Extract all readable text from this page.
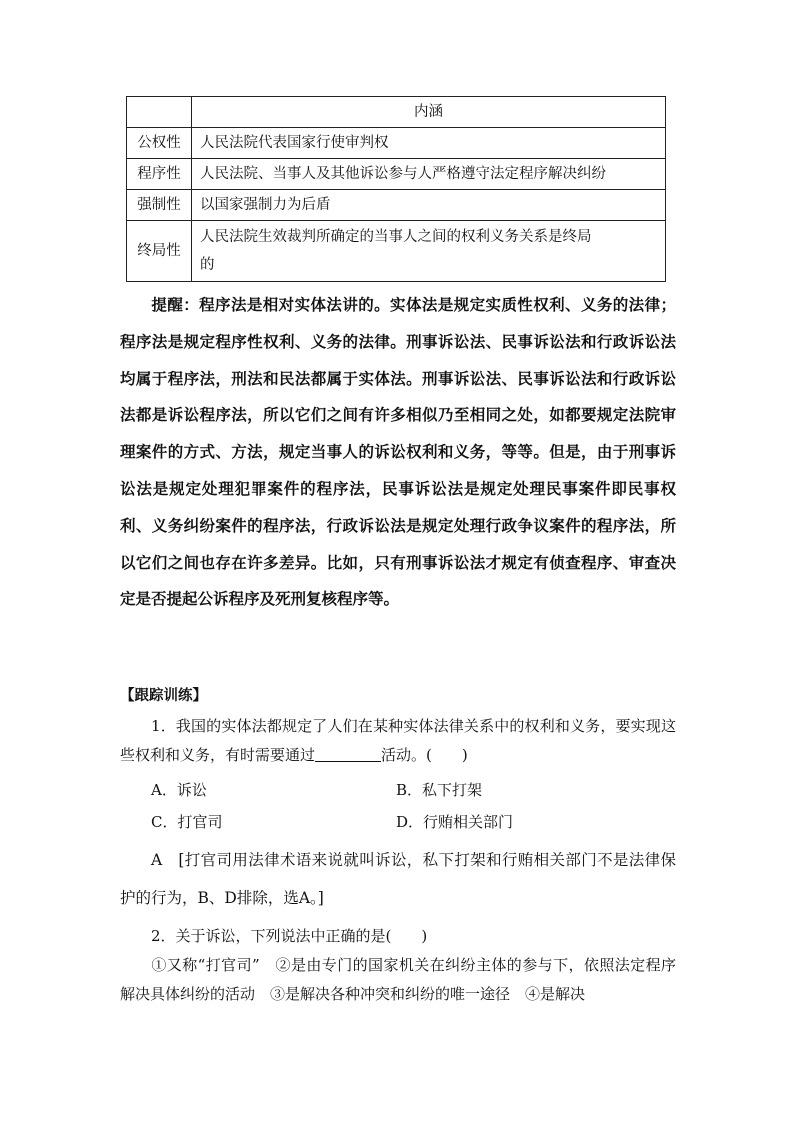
	内涵
公权性	人民法院代表国家行使审判权
程序性	人民法院、当事人及其他诉讼参与人严格遵守法定程序解决纠纷
强制性	以国家强制力为后盾
终局性	人民法院生效裁判所确定的当事人之间的权利义务关系是终局
的
提醒：程序法是相对实体法讲的。实体法是规定实质性权利、义务的法律；程序法是规定程序性权利、义务的法律。刑事诉讼法、民事诉讼法和行政诉讼法均属于程序法，刑法和民法都属于实体法。刑事诉讼法、民事诉讼法和行政诉讼法都是诉讼程序法，所以它们之间有许多相似乃至相同之处，如都要规定法院审理案件的方式、方法，规定当事人的诉讼权利和义务，等等。但是，由于刑事诉讼法是规定处理犯罪案件的程序法，民事诉讼法是规定处理民事案件即民事权利、义务纠纷案件的程序法，行政诉讼法是规定处理行政争议案件的程序法，所以它们之间也存在许多差异。比如，只有刑事诉讼法才规定有侦查程序、审查决定是否提起公诉程序及死刑复核程序等。
【跟踪训练】
1．我国的实体法都规定了人们在某种实体法律关系中的权利和义务，要实现这些权利和义务，有时需要通过	活动。(　　)
A．诉讼	B．私下打架
C．打官司	D．行贿相关部门
A　[打官司用法律术语来说就叫诉讼，私下打架和行贿相关部门不是法律保护的行为，B、D排除，选A。]
2．关于诉讼，下列说法中正确的是(　　)
①又称“打官司”　②是由专门的国家机关在纠纷主体的参与下，依照法定程序解决具体纠纷的活动　③是解决各种冲突和纠纷的唯一途径　④是解决
